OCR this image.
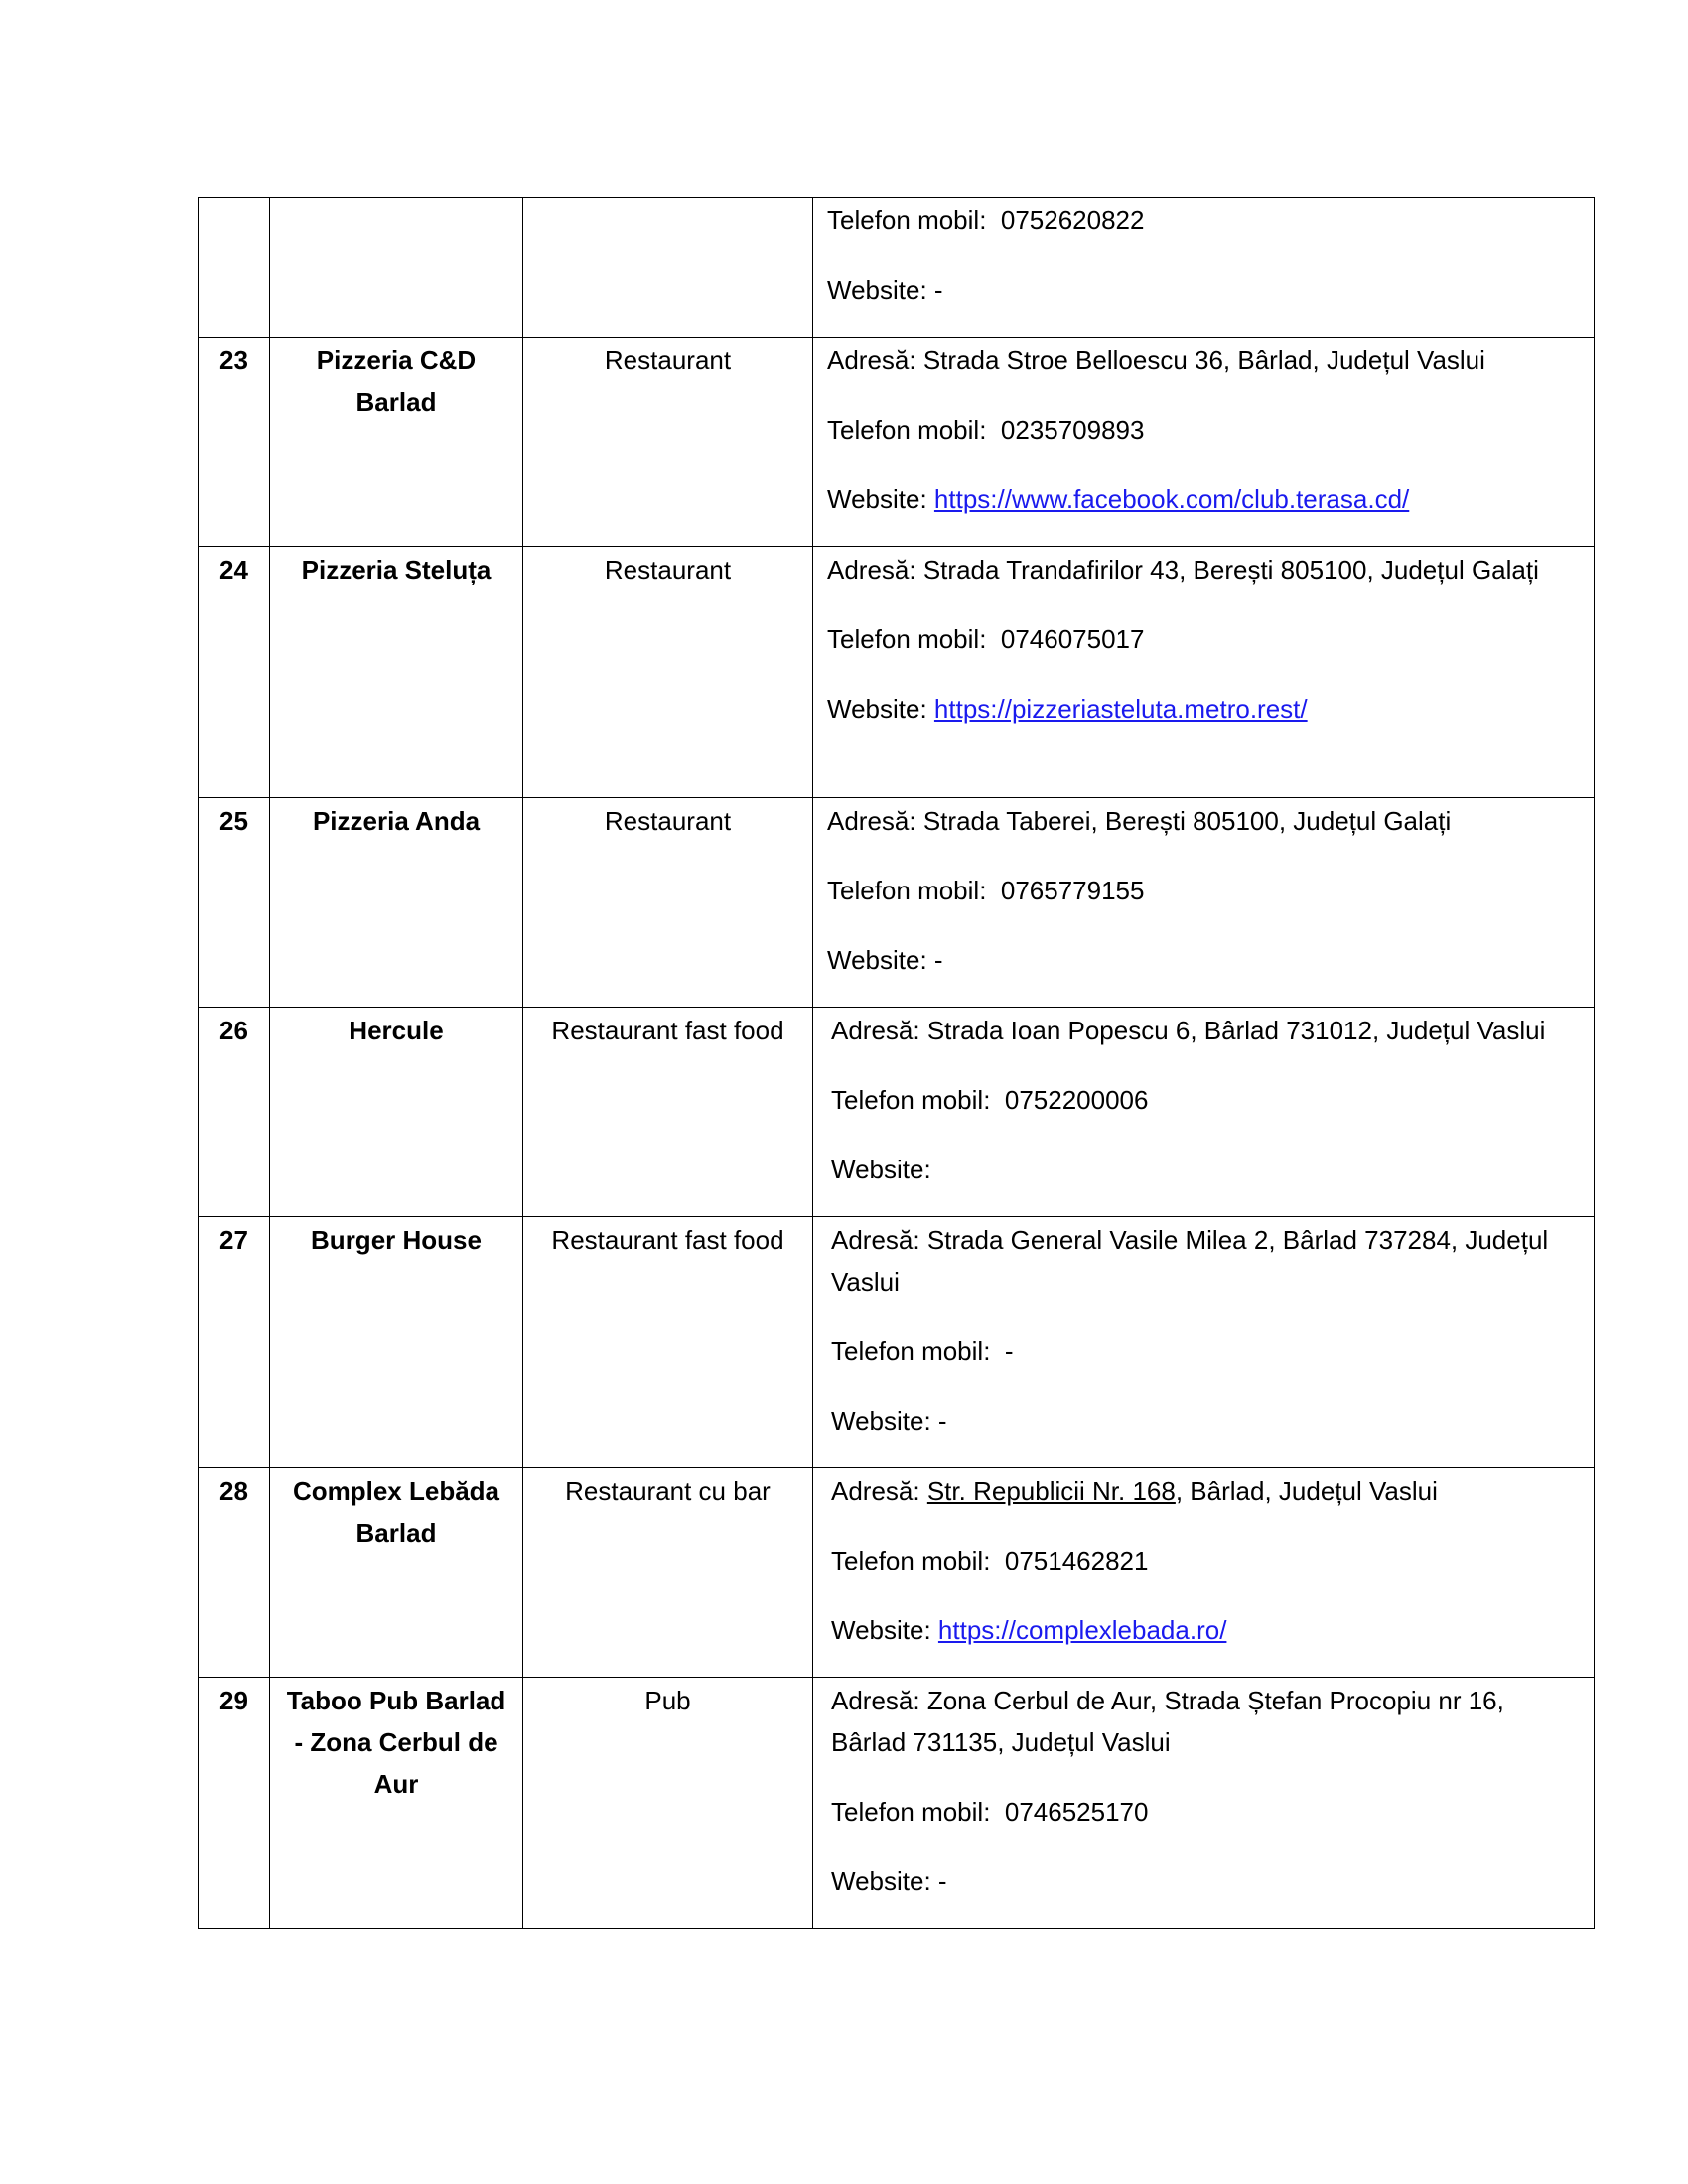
			Telefon mobil: 0752620822
Website: -

23	Pizzeria C&D Barlad	Restaurant	Adresă: Strada Stroe Belloescu 36, Bârlad, Județul Vaslui
Telefon mobil: 0235709893
Website: https://www.facebook.com/club.terasa.cd/

24	Pizzeria Steluța	Restaurant	Adresă: Strada Trandafirilor 43, Berești 805100, Județul Galați
Telefon mobil: 0746075017
Website: https://pizzeriasteluta.metro.rest/

25	Pizzeria Anda	Restaurant	Adresă: Strada Taberei, Berești 805100, Județul Galați
Telefon mobil: 0765779155
Website: -

26	Hercule	Restaurant fast food	Adresă: Strada Ioan Popescu 6, Bârlad 731012, Județul Vaslui
Telefon mobil: 0752200006
Website:

27	Burger House	Restaurant fast food	Adresă: Strada General Vasile Milea 2, Bârlad 737284, Județul Vaslui
Telefon mobil: -
Website: -

28	Complex Lebăda Barlad	Restaurant cu bar	Adresă: Str. Republicii Nr. 168, Bârlad, Județul Vaslui
Telefon mobil: 0751462821
Website: https://complexlebada.ro/

29	Taboo Pub Barlad - Zona Cerbul de Aur	Pub	Adresă: Zona Cerbul de Aur, Strada Ștefan Procopiu nr 16, Bârlad 731135, Județul Vaslui
Telefon mobil: 0746525170
Website: -
